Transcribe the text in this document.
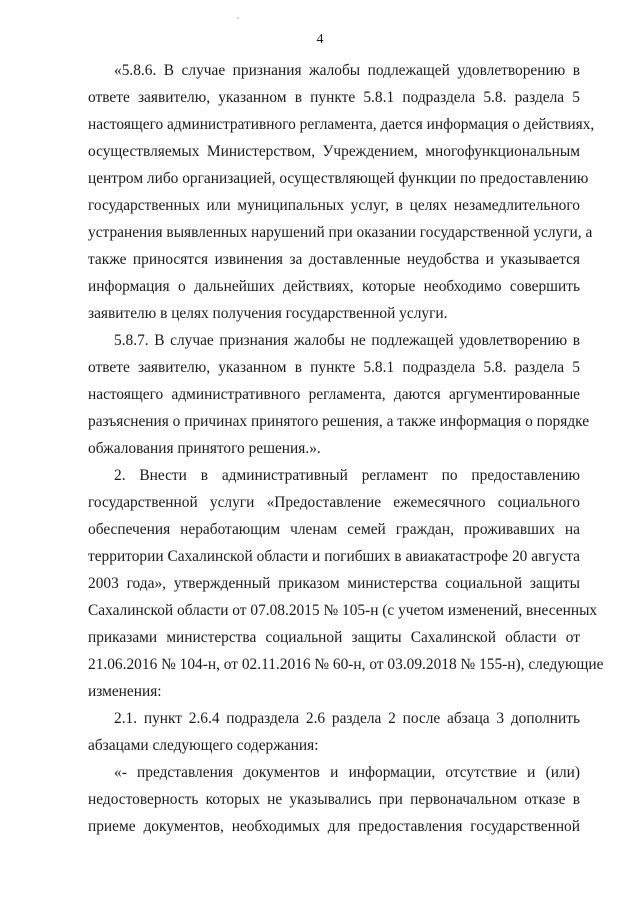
4
«5.8.6. В случае признания жалобы подлежащей удовлетворению в
ответе заявителю, указанном в пункте 5.8.1 подраздела 5.8. раздела 5
настоящего административного регламента, дается информация о действиях,
осуществляемых Министерством, Учреждением, многофункциональным
центром либо организацией, осуществляющей функции по предоставлению
государственных или муниципальных услуг, в целях незамедлительного
устранения выявленных нарушений при оказании государственной услуги, а
также приносятся извинения за доставленные неудобства и указывается
информация о дальнейших действиях, которые необходимо совершить
заявителю в целях получения государственной услуги.
5.8.7. В случае признания жалобы не подлежащей удовлетворению в
ответе заявителю, указанном в пункте 5.8.1 подраздела 5.8. раздела 5
настоящего административного регламента, даются аргументированные
разъяснения о причинах принятого решения, а также информация о порядке
обжалования принятого решения.».
2. Внести в административный регламент по предоставлению
государственной услуги «Предоставление ежемесячного социального
обеспечения неработающим членам семей граждан, проживавших на
территории Сахалинской области и погибших в авиакатастрофе 20 августа
2003 года», утвержденный приказом министерства социальной защиты
Сахалинской области от 07.08.2015 № 105-н (с учетом изменений, внесенных
приказами министерства социальной защиты Сахалинской области от
21.06.2016 № 104-н, от 02.11.2016 № 60-н, от 03.09.2018 № 155-н), следующие
изменения:
2.1. пункт 2.6.4 подраздела 2.6 раздела 2 после абзаца 3 дополнить
абзацами следующего содержания:
«- представления документов и информации, отсутствие и (или)
недостоверность которых не указывались при первоначальном отказе в
приеме документов, необходимых для предоставления государственной
